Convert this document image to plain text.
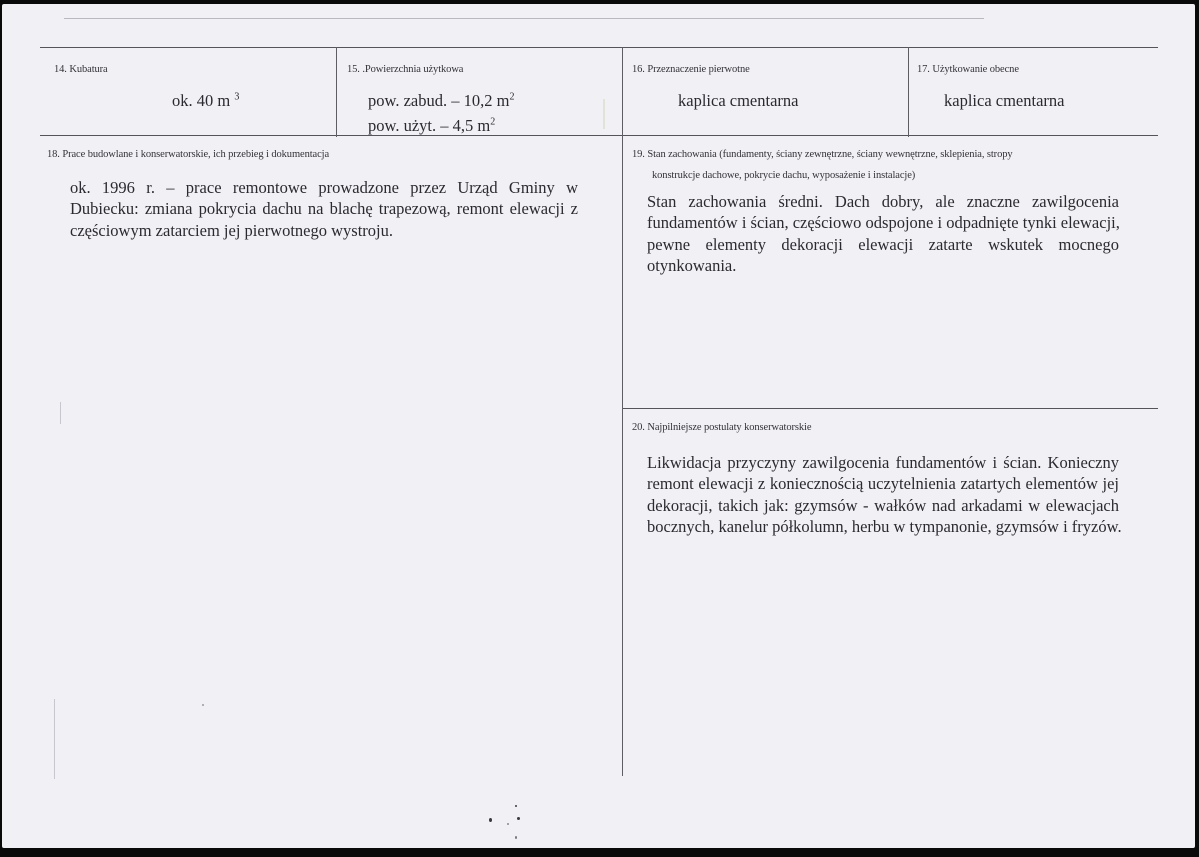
14. Kubatura
ok. 40 m $^3$
15. .Powierzchnia użytkowa
pow. zabud. – 10,2 $m^2$
pow. użyt. – 4,5 $m^2$
16. Przeznaczenie pierwotne
kaplica cmentarna
17. Użytkowanie obecne
kaplica cmentarna
18. Prace budowlane i konserwatorskie, ich przebieg i dokumentacja
ok. 1996 r. – prace remontowe prowadzone przez Urząd Gminy w
Dubiecku: zmiana pokrycia dachu na blachę trapezową, remont elewacji z
częściowym zatarciem jej pierwotnego wystroju.
19. Stan zachowania (fundamenty, ściany zewnętrzne, ściany wewnętrzne, sklepienia, stropy
konstrukcje dachowe, pokrycie dachu, wyposażenie i instalacje)
Stan zachowania średni. Dach dobry, ale znaczne zawilgocenia
fundamentów i ścian, częściowo odspojone i odpadnięte tynki elewacji,
pewne elementy dekoracji elewacji zatarte wskutek mocnego
otynkowania.
20. Najpilniejsze postulaty konserwatorskie
Likwidacja przyczyny zawilgocenia fundamentów i ścian. Konieczny
remont elewacji z koniecznością uczytelnienia zatartych elementów jej
dekoracji, takich jak: gzymsów - wałków nad arkadami w elewacjach
bocznych, kanelur półkolumn, herbu w tympanonie, gzymsów i fryzów.
